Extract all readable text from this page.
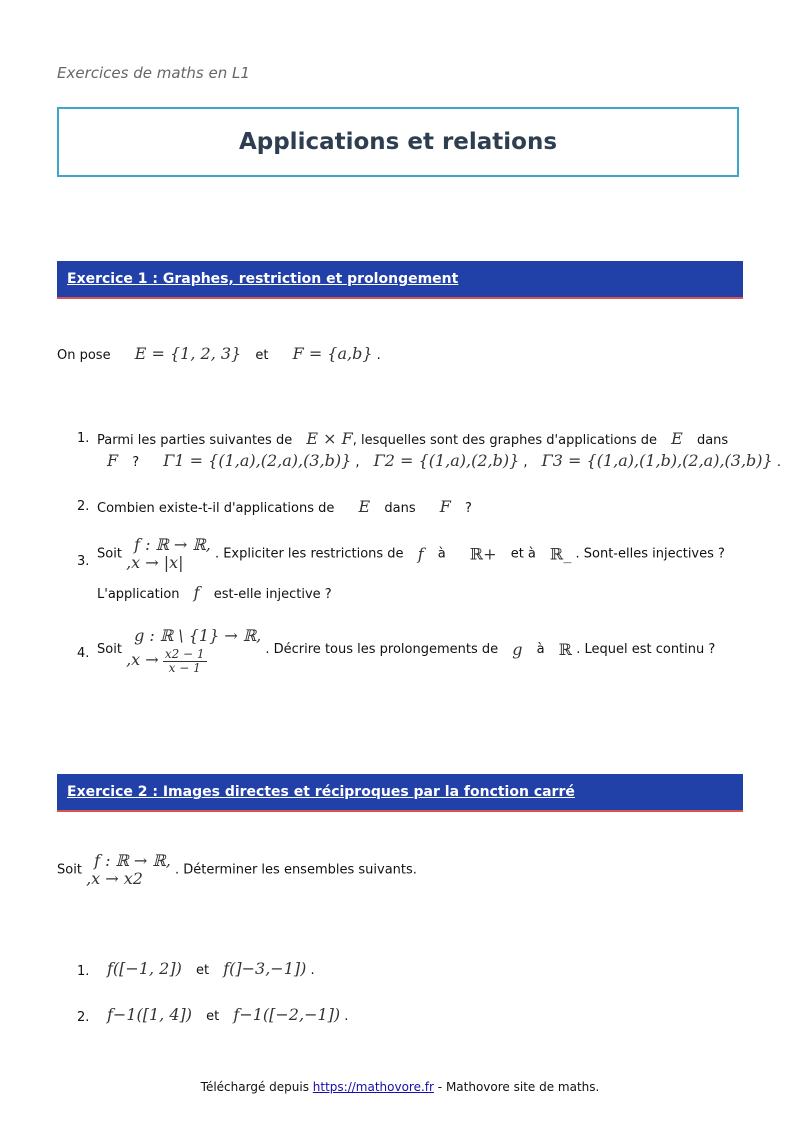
Exercices de maths en L1
Applications et relations
Exercice 1 : Graphes, restriction et prolongement
On pose E = {1, 2, 3} et F = {a,b} .
1. Parmi les parties suivantes de E × F, lesquelles sont des graphes d'applications de E dans
F ? Γ1 = {(1,a),(2,a),(3,b)} , Γ2 = {(1,a),(2,b)} , Γ3 = {(1,a),(1,b),(2,a),(3,b)} .
2. Combien existe-t-il d'applications de E dans F ?
3. Soit f : ℝ → ℝ,
,x → |x|	. Expliciter les restrictions de f à ℝ+ et à ℝ_ . Sont-elles injectives ?
L'application f est-elle injective ?
4. Soit
g : ℝ \ {1} → ℝ,
$,x \to \frac{x2 - 1}{x - 1}$	. Décrire tous les prolongements de g à ℝ . Lequel est continu ?
Exercice 2 : Images directes et réciproques par la fonction carré
Soit f : ℝ → ℝ,
,x → x2	. Déterminer les ensembles suivants.
1. f([−1, 2]) et f(]−3,−1]) .
2. f−1([1, 4]) et f−1([−2,−1]) .
Téléchargé depuis https://mathovore.fr - Mathovore site de maths.
